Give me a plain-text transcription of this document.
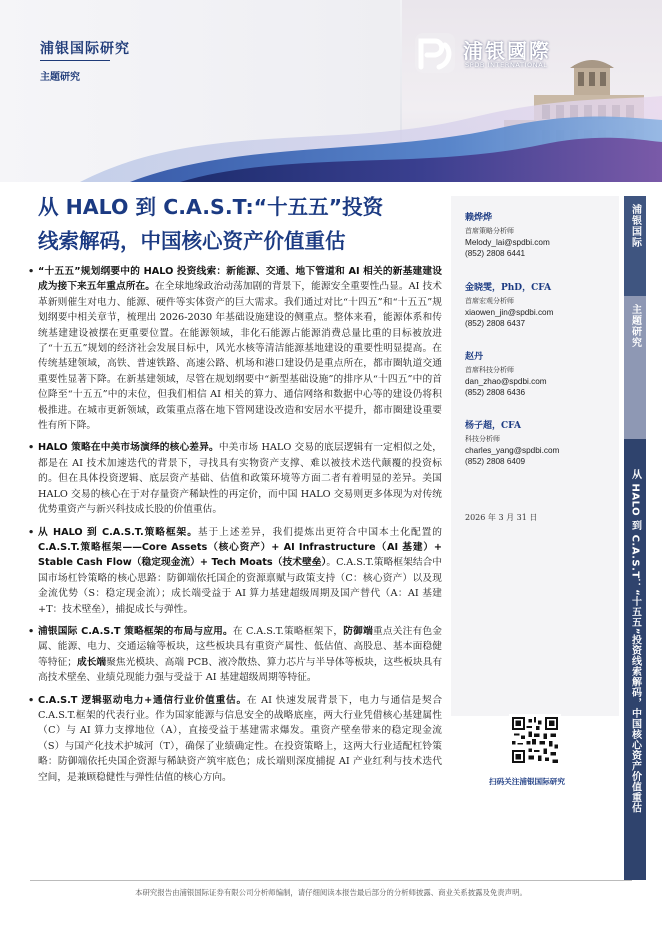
浦银国际研究
主题研究
浦银國際
SPDB INTERNATIONAL
从 HALO 到 C.A.S.T:“十五五”投资
线索解码，中国核心资产价值重估

• “十五五”规划纲要中的 HALO 投资线索：新能源、交通、地下管道和 AI 相关的新基建建设成为接下来五年重点所在。在全球地缘政治动荡加剧的背景下，能源安全重要性凸显。AI 技术革新则催生对电力、能源、硬件等实体资产的巨大需求。我们通过对比“十四五”和“十五五”规划纲要中相关章节，梳理出 2026-2030 年基础设施建设的侧重点。整体来看，能源体系和传统基建建设被摆在更重要位置。在能源领域，非化石能源占能源消费总量比重的目标被放进了“十五五”规划的经济社会发展目标中，风光水核等清洁能源基地建设的重要性明显提高。在传统基建领域，高铁、普速铁路、高速公路、机场和港口建设仍是重点所在，都市圈轨道交通重要性显著下降。在新基建领域，尽管在规划纲要中“新型基础设施”的排序从“十四五”中的首位降至“十五五”中的末位，但我们相信 AI 相关的算力、通信网络和数据中心等的建设仍将积极推进。在城市更新领域，政策重点落在地下管网建设改造和安居水平提升，都市圈建设重要性有所下降。

• HALO 策略在中美市场演绎的核心差异。中美市场 HALO 交易的底层逻辑有一定相似之处，都是在 AI 技术加速迭代的背景下，寻找具有实物资产支撑、难以被技术迭代颠覆的投资标的。但在具体投资逻辑、底层资产基础、估值和政策环境等方面二者有着明显的差异。美国 HALO 交易的核心在于对存量资产稀缺性的再定价，而中国 HALO 交易则更多体现为对传统优势重资产与新兴科技成长股的价值重估。

• 从 HALO 到 C.A.S.T.策略框架。基于上述差异，我们提炼出更符合中国本土化配置的 C.A.S.T.策略框架——Core Assets（核心资产）+ AI Infrastructure（AI 基建）+ Stable Cash Flow（稳定现金流）+ Tech Moats（技术壁垒）。C.A.S.T.策略框架结合中国市场杠铃策略的核心思路：防御端依托国企的资源禀赋与政策支持（C：核心资产）以及现金流优势（S：稳定现金流）；成长端受益于 AI 算力基建超级周期及国产替代（A：AI 基建 +T：技术壁垒），捕捉成长与弹性。

• 浦银国际 C.A.S.T 策略框架的布局与应用。在 C.A.S.T.策略框架下，防御端重点关注有色金属、能源、电力、交通运输等板块，这些板块具有重资产属性、低估值、高股息、基本面稳健等特征；成长端聚焦光模块、高端 PCB、液冷散热、算力芯片与半导体等板块，这些板块具有高技术壁垒、业绩兑现能力强与受益于 AI 基建超级周期等特征。

• C.A.S.T 逻辑驱动电力+通信行业价值重估。在 AI 快速发展背景下，电力与通信是契合 C.A.S.T.框架的代表行业。作为国家能源与信息安全的战略底座，两大行业凭借核心基建属性（C）与 AI 算力支撑地位（A），直接受益于基建需求爆发。重资产壁垒带来的稳定现金流（S）与国产化技术护城河（T），确保了业绩确定性。在投资策略上，这两大行业适配杠铃策略：防御端依托央国企资源与稀缺资产筑牢底色；成长端则深度捕捉 AI 产业红利与技术迭代空间，是兼顾稳健性与弹性估值的核心方向。

赖烨烨
首席策略分析师
Melody_lai@spdbi.com
(852) 2808 6441
金晓雯，PhD，CFA
首席宏观分析师
xiaowen_jin@spdbi.com
(852) 2808 6437
赵丹
首席科技分析师
dan_zhao@spdbi.com
(852) 2808 6436
杨子超，CFA
科技分析师
charles_yang@spdbi.com
(852) 2808 6409
2026 年 3 月 31 日
扫码关注浦银国际研究
浦银国际
主题研究
从 HALO 到 C.A.S.T：“十五五”投资线索解码，中国核心资产价值重估
本研究报告由浦银国际证券有限公司分析师编制，请仔细阅读本报告最后部分的分析师披露、商业关系披露及免责声明。
